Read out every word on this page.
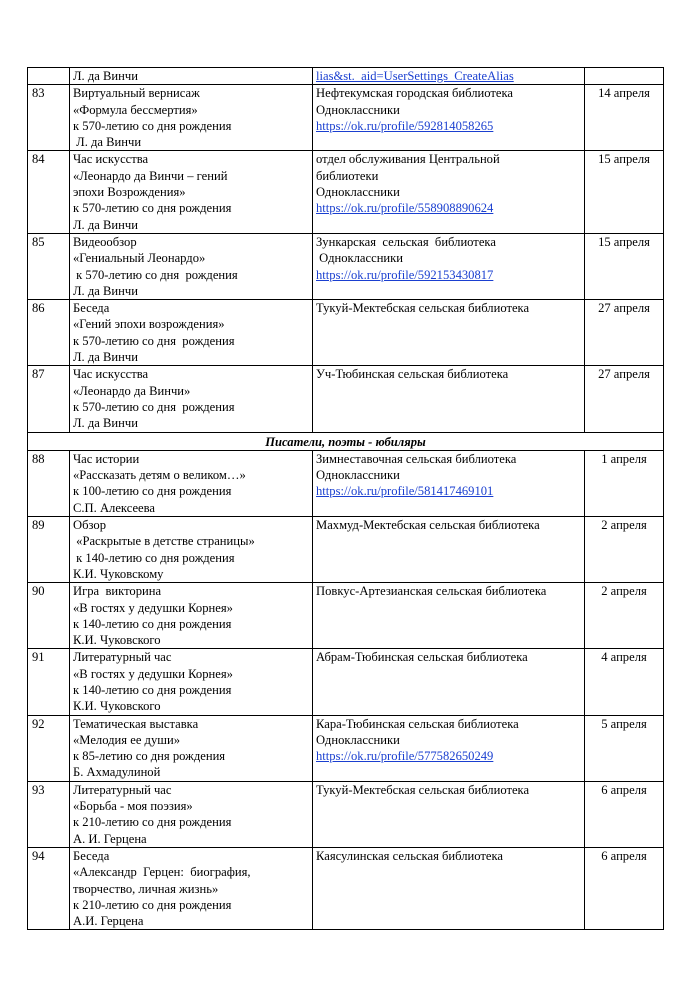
	Л. да Винчи	lias&st._aid=UserSettings_CreateAlias	

83	Виртуальный вернисаж
«Формула бессмертия»
к 570-летию со дня рождения
Л. да Винчи	Нефтекумская городская библиотека
Одноклассники
https://ok.ru/profile/592814058265	14 апреля
84	Час искусства
«Леонардо да Винчи – гений
эпохи Возрождения»
к 570-летию со дня рождения
Л. да Винчи	отдел обслуживания Центральной
библиотеки
Одноклассники
https://ok.ru/profile/558908890624	15 апреля
85	Видеообзор
«Гениальный Леонардо»
к 570-летию со дня  рождения
Л. да Винчи	Зункарская  сельская  библиотека
Одноклассники
https://ok.ru/profile/592153430817	15 апреля
86	Беседа
«Гений эпохи возрождения»
к 570-летию со дня  рождения
Л. да Винчи	Тукуй-Мектебская сельская библиотека	27 апреля
87	Час искусства
«Леонардо да Винчи»
к 570-летию со дня  рождения
Л. да Винчи	Уч-Тюбинская сельская библиотека	27 апреля
Писатели, поэты - юбиляры			
88	Час истории
«Рассказать детям о великом…»
к 100-летию со дня рождения
С.П. Алексеева	Зимнеставочная сельская библиотека
Одноклассники
https://ok.ru/profile/581417469101	1 апреля
89	Обзор
«Раскрытые в детстве страницы»
к 140-летию со дня рождения
К.И. Чуковскому	Махмуд-Мектебская сельская библиотека	2 апреля
90	Игра  викторина
«В гостях у дедушки Корнея»
к 140-летию со дня рождения
К.И. Чуковского	Повкус-Артезианская сельская библиотека	2 апреля
91	Литературный час
«В гостях у дедушки Корнея»
к 140-летию со дня рождения
К.И. Чуковского	Абрам-Тюбинская сельская библиотека	4 апреля
92	Тематическая выставка
«Мелодия ее души»
к 85-летию со дня рождения
Б. Ахмадулиной	Кара-Тюбинская сельская библиотека
Одноклассники
https://ok.ru/profile/577582650249	5 апреля
93	Литературный час
«Борьба - моя поэзия»
к 210-летию со дня рождения
А. И. Герцена	Тукуй-Мектебская сельская библиотека	6 апреля
94	Беседа
«Александр  Герцен:  биография,
творчество, личная жизнь»
к 210-летию со дня рождения
А.И. Герцена	Каясулинская сельская библиотека	6 апреля
